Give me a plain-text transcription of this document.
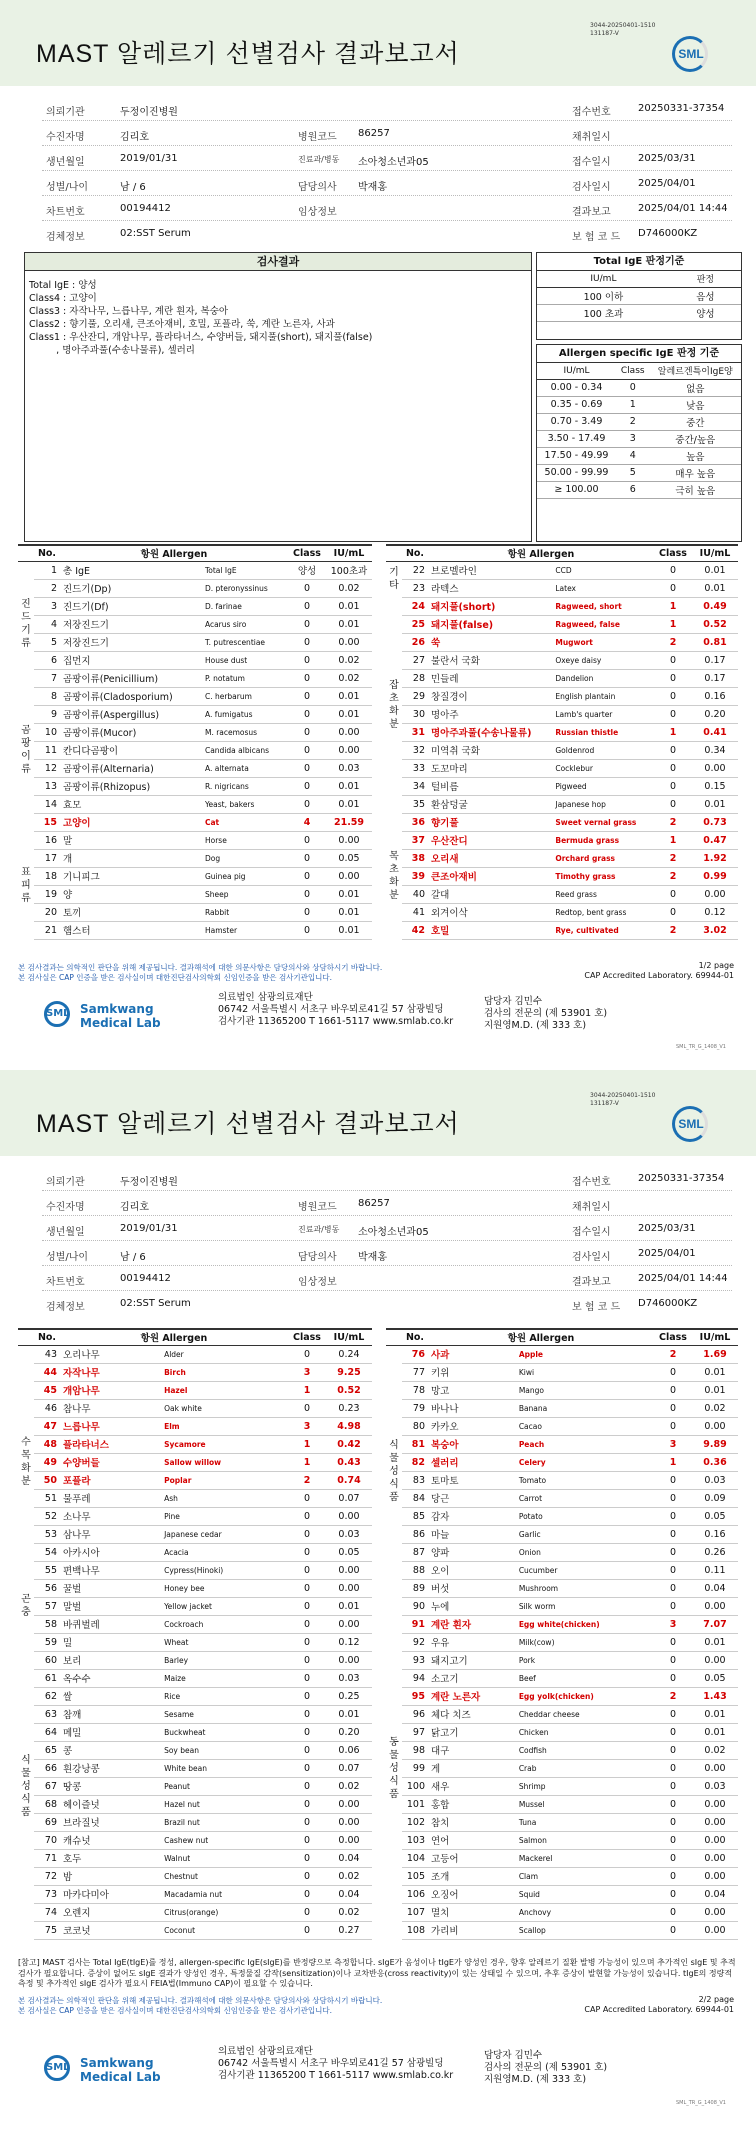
MAST 알레르기 선별검사 결과보고서
3044-20250401-1510
131187-V
SML
의뢰기관	두정이진병원	접수번호	20250331-37354
수진자명	김리호	병원코드 86257	채취일시
생년월일	2019/01/31	진료과/병동 소아청소년과05	접수일시	2025/03/31
성별/나이	남 / 6	담당의사 박재홍	검사일시	2025/04/01
차트번호	00194412	임상정보	결과보고	2025/04/01 14:44
검체정보	02:SST Serum	보 험 코 드 D746000KZ
검사결과
Total IgE : 양성
Class4 : 고양이
Class3 : 자작나무, 느릅나무, 계란 흰자, 복숭아
Class2 : 향기풀, 오리새, 큰조아재비, 호밀, 포플라, 쑥, 계란 노른자, 사과
Class1 : 우산잔디, 개암나무, 플라타너스, 수양버들, 돼지풀(short), 돼지풀(false)
, 명아주과풀(수송나물류), 셀러리
Total IgE 판정기준
IU/mL	판정
100 이하	음성
100 초과	양성
Allergen specific IgE 판정 기준
IU/mL	Class	알레르겐특이IgE양
0.00 - 0.34	0	없음
0.35 - 0.69	1	낮음
0.70 - 3.49	2	중간
3.50 - 17.49	3	중간/높음
17.50 - 49.99	4	높음
50.00 - 99.99	5	매우 높음
≥ 100.00	6	극히 높음
	No.	항원 Allergen		Class	IU/mL
	1	총 IgE	Total IgE	양성	100초과
진드기류	2	진드기(Dp)	D. pteronyssinus	0	0.02
	3	진드기(Df)	D. farinae	0	0.01
	4	저장진드기	Acarus siro	0	0.01
	5	저장진드기	T. putrescentiae	0	0.00
	6	집먼지	House dust	0	0.02
곰팡이류	7	곰팡이류(Penicillium)	P. notatum	0	0.02
	8	곰팡이류(Cladosporium)	C. herbarum	0	0.01
	9	곰팡이류(Aspergillus)	A. fumigatus	0	0.01
	10	곰팡이류(Mucor)	M. racemosus	0	0.00
	11	칸디다곰팡이	Candida albicans	0	0.00
	12	곰팡이류(Alternaria)	A. alternata	0	0.03
	13	곰팡이류(Rhizopus)	R. nigricans	0	0.01
	14	효모	Yeast, bakers	0	0.01
	15	고양이	Cat	4	21.59
표피류	16	말	Horse	0	0.00
	17	개	Dog	0	0.05
	18	기니피그	Guinea pig	0	0.00
	19	양	Sheep	0	0.01
	20	토끼	Rabbit	0	0.01
	21	햄스터	Hamster	0	0.01
	No.	항원 Allergen		Class	IU/mL
기타	22	브로멜라인	CCD	0	0.01
	23	라텍스	Latex	0	0.01
잡초화분	24	돼지풀(short)	Ragweed, short	1	0.49
	25	돼지풀(false)	Ragweed, false	1	0.52
	26	쑥	Mugwort	2	0.81
	27	불란서 국화	Oxeye daisy	0	0.17
	28	민들레	Dandelion	0	0.17
	29	창질경이	English plantain	0	0.16
	30	명아주	Lamb's quarter	0	0.20
	31	명아주과풀(수송나물류)	Russian thistle	1	0.41
	32	미역취 국화	Goldenrod	0	0.34
	33	도꼬마리	Cocklebur	0	0.00
	34	털비름	Pigweed	0	0.15
	35	환삼덩굴	Japanese hop	0	0.01
목초화분	36	향기풀	Sweet vernal grass	2	0.73
	37	우산잔디	Bermuda grass	1	0.47
	38	오리새	Orchard grass	2	1.92
	39	큰조아재비	Timothy grass	2	0.99
	40	갈대	Reed grass	0	0.00
	41	외겨이삭	Redtop, bent grass	0	0.12
	42	호밀	Rye, cultivated	2	3.02
본 검사결과는 의학적인 판단을 위해 제공됩니다. 결과해석에 대한 의문사항은 담당의사와 상담하시기 바랍니다.
본 검사실은 CAP 인증을 받은 검사실이며 대한진단검사의학회 신임인증을 받은 검사기관입니다.
1/2 page
CAP Accredited Laboratory. 69944-01
SML Samkwang
Medical Lab
의료법인 삼광의료재단
06742 서울특별시 서초구 바우뫼로41길 57 삼광빌딩
검사기관 11365200 T 1661-5117 www.smlab.co.kr
담당자 김민수
검사의 전문의 (제 53901 호)
지원영M.D. (제 333 호)
SML_TR_G_1408_V1
MAST 알레르기 선별검사 결과보고서
3044-20250401-1510
131187-V
SML
의뢰기관	두정이진병원	접수번호	20250331-37354
수진자명	김리호	병원코드 86257	채취일시
생년월일	2019/01/31	진료과/병동 소아청소년과05	접수일시	2025/03/31
성별/나이	남 / 6	담당의사 박재홍	검사일시	2025/04/01
차트번호	00194412	임상정보	결과보고	2025/04/01 14:44
검체정보	02:SST Serum	보 험 코 드 D746000KZ
	No.	항원 Allergen		Class	IU/mL
수목화분	43	오리나무	Alder	0	0.24
	44	자작나무	Birch	3	9.25
	45	개암나무	Hazel	1	0.52
	46	참나무	Oak white	0	0.23
	47	느릅나무	Elm	3	4.98
	48	플라타너스	Sycamore	1	0.42
	49	수양버들	Sallow willow	1	0.43
	50	포플라	Poplar	2	0.74
	51	물푸레	Ash	0	0.07
	52	소나무	Pine	0	0.00
	53	삼나무	Japanese cedar	0	0.03
	54	아카시아	Acacia	0	0.05
	55	편백나무	Cypress(Hinoki)	0	0.00
곤충	56	꿀벌	Honey bee	0	0.00
	57	말벌	Yellow jacket	0	0.01
	58	바퀴벌레	Cockroach	0	0.00
식물성식품	59	밀	Wheat	0	0.12
	60	보리	Barley	0	0.00
	61	옥수수	Maize	0	0.03
	62	쌀	Rice	0	0.25
	63	참깨	Sesame	0	0.01
	64	메밀	Buckwheat	0	0.20
	65	콩	Soy bean	0	0.06
	66	흰강낭콩	White bean	0	0.07
	67	땅콩	Peanut	0	0.02
	68	헤이즐넛	Hazel nut	0	0.00
	69	브라질넛	Brazil nut	0	0.00
	70	캐슈넛	Cashew nut	0	0.00
	71	호두	Walnut	0	0.04
	72	밤	Chestnut	0	0.02
	73	마카다미아	Macadamia nut	0	0.04
	74	오렌지	Citrus(orange)	0	0.02
	75	코코넛	Coconut	0	0.27
	No.	항원 Allergen		Class	IU/mL
식물성식품	76	사과	Apple	2	1.69
	77	키위	Kiwi	0	0.01
	78	망고	Mango	0	0.01
	79	바나나	Banana	0	0.02
	80	카카오	Cacao	0	0.00
	81	복숭아	Peach	3	9.89
	82	셀러리	Celery	1	0.36
	83	토마토	Tomato	0	0.03
	84	당근	Carrot	0	0.09
	85	감자	Potato	0	0.05
	86	마늘	Garlic	0	0.16
	87	양파	Onion	0	0.26
	88	오이	Cucumber	0	0.11
	89	버섯	Mushroom	0	0.04
동물성식품	90	누에	Silk worm	0	0.00
	91	계란 흰자	Egg white(chicken)	3	7.07
	92	우유	Milk(cow)	0	0.01
	93	돼지고기	Pork	0	0.00
	94	소고기	Beef	0	0.05
	95	계란 노른자	Egg yolk(chicken)	2	1.43
	96	체다 치즈	Cheddar cheese	0	0.01
	97	닭고기	Chicken	0	0.01
	98	대구	Codfish	0	0.02
	99	게	Crab	0	0.00
	100	새우	Shrimp	0	0.03
	101	홍합	Mussel	0	0.00
	102	참치	Tuna	0	0.00
	103	연어	Salmon	0	0.00
	104	고등어	Mackerel	0	0.00
	105	조개	Clam	0	0.00
	106	오징어	Squid	0	0.04
	107	멸치	Anchovy	0	0.00
	108	가리비	Scallop	0	0.00
[참고] MAST 검사는 Total IgE(tIgE)를 정성, allergen-specific IgE(sIgE)를 반정량으로 측정합니다. sIgE가 음성이나 tIgE가 양성인 경우, 향후 알레르기 질환 발병 가능성이 있으며 추가적인 sIgE 및 추적검사가 필요합니다. 증상이 없어도 sIgE 결과가 양성인 경우, 특정물질 감작(sensitization)이나 교차반응(cross reactivity)이 있는 상태일 수 있으며, 추후 증상이 발현할 가능성이 있습니다. tIgE의 정량적 측정 및 추가적인 sIgE 검사가 필요시 FEIA법(Immuno CAP)이 필요할 수 있습니다.
본 검사결과는 의학적인 판단을 위해 제공됩니다. 결과해석에 대한 의문사항은 담당의사와 상담하시기 바랍니다.
본 검사실은 CAP 인증을 받은 검사실이며 대한진단검사의학회 신임인증을 받은 검사기관입니다.
2/2 page
CAP Accredited Laboratory. 69944-01
SML Samkwang
Medical Lab
의료법인 삼광의료재단
06742 서울특별시 서초구 바우뫼로41길 57 삼광빌딩
검사기관 11365200 T 1661-5117 www.smlab.co.kr
담당자 김민수
검사의 전문의 (제 53901 호)
지원영M.D. (제 333 호)
SML_TR_G_1408_V1
